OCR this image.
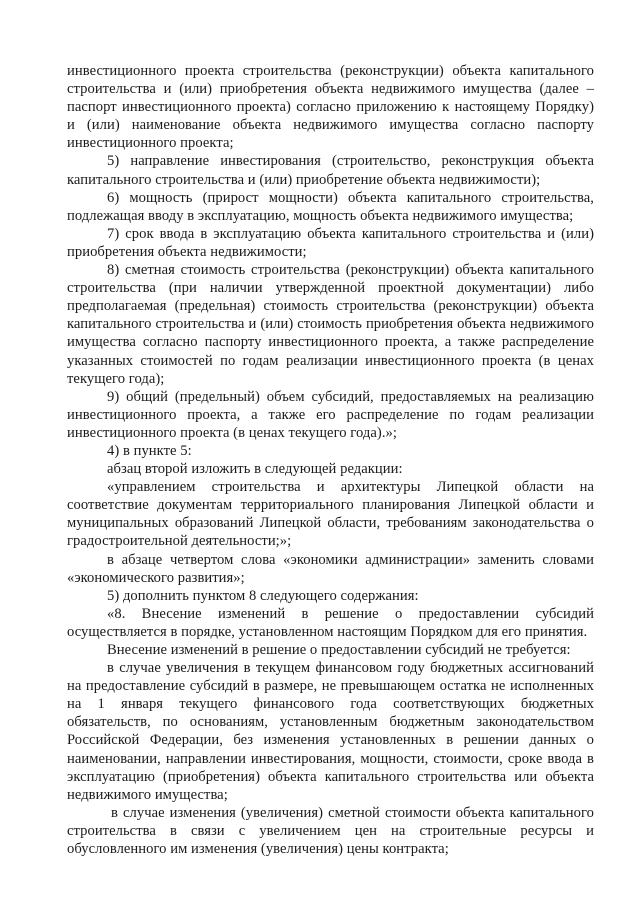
инвестиционного проекта строительства (реконструкции) объекта капитального строительства и (или) приобретения объекта недвижимого имущества (далее – паспорт инвестиционного проекта) согласно приложению к настоящему Порядку) и (или) наименование объекта недвижимого имущества согласно паспорту инвестиционного проекта;

5) направление инвестирования (строительство, реконструкция объекта капитального строительства и (или) приобретение объекта недвижимости);

6) мощность (прирост мощности) объекта капитального строительства, подлежащая вводу в эксплуатацию, мощность объекта недвижимого имущества;

7) срок ввода в эксплуатацию объекта капитального строительства и (или) приобретения объекта недвижимости;

8) сметная стоимость строительства (реконструкции) объекта капитального строительства (при наличии утвержденной проектной документации) либо предполагаемая (предельная) стоимость строительства (реконструкции) объекта капитального строительства и (или) стоимость приобретения объекта недвижимого имущества согласно паспорту инвестиционного проекта, а также распределение указанных стоимостей по годам реализации инвестиционного проекта (в ценах текущего года);

9) общий (предельный) объем субсидий, предоставляемых на реализацию инвестиционного проекта, а также его распределение по годам реализации инвестиционного проекта (в ценах текущего года).»;

4) в пункте 5:

абзац второй изложить в следующей редакции:

«управлением строительства и архитектуры Липецкой области на соответствие документам территориального планирования Липецкой области и муниципальных образований Липецкой области, требованиям законодательства о градостроительной деятельности;»;

в абзаце четвертом слова «экономики администрации» заменить словами «экономического развития»;

5) дополнить пунктом 8 следующего содержания:

«8. Внесение изменений в решение о предоставлении субсидий осуществляется в порядке, установленном настоящим Порядком для его принятия.

Внесение изменений в решение о предоставлении субсидий не требуется:

в случае увеличения в текущем финансовом году бюджетных ассигнований на предоставление субсидий в размере, не превышающем остатка не исполненных на 1 января текущего финансового года соответствующих бюджетных обязательств, по основаниям, установленным бюджетным законодательством Российской Федерации, без изменения установленных в решении данных о наименовании, направлении инвестирования, мощности, стоимости, сроке ввода в эксплуатацию (приобретения) объекта капитального строительства или объекта недвижимого имущества;

в случае изменения (увеличения) сметной стоимости объекта капитального строительства в связи с увеличением цен на строительные ресурсы и обусловленного им изменения (увеличения) цены контракта;
